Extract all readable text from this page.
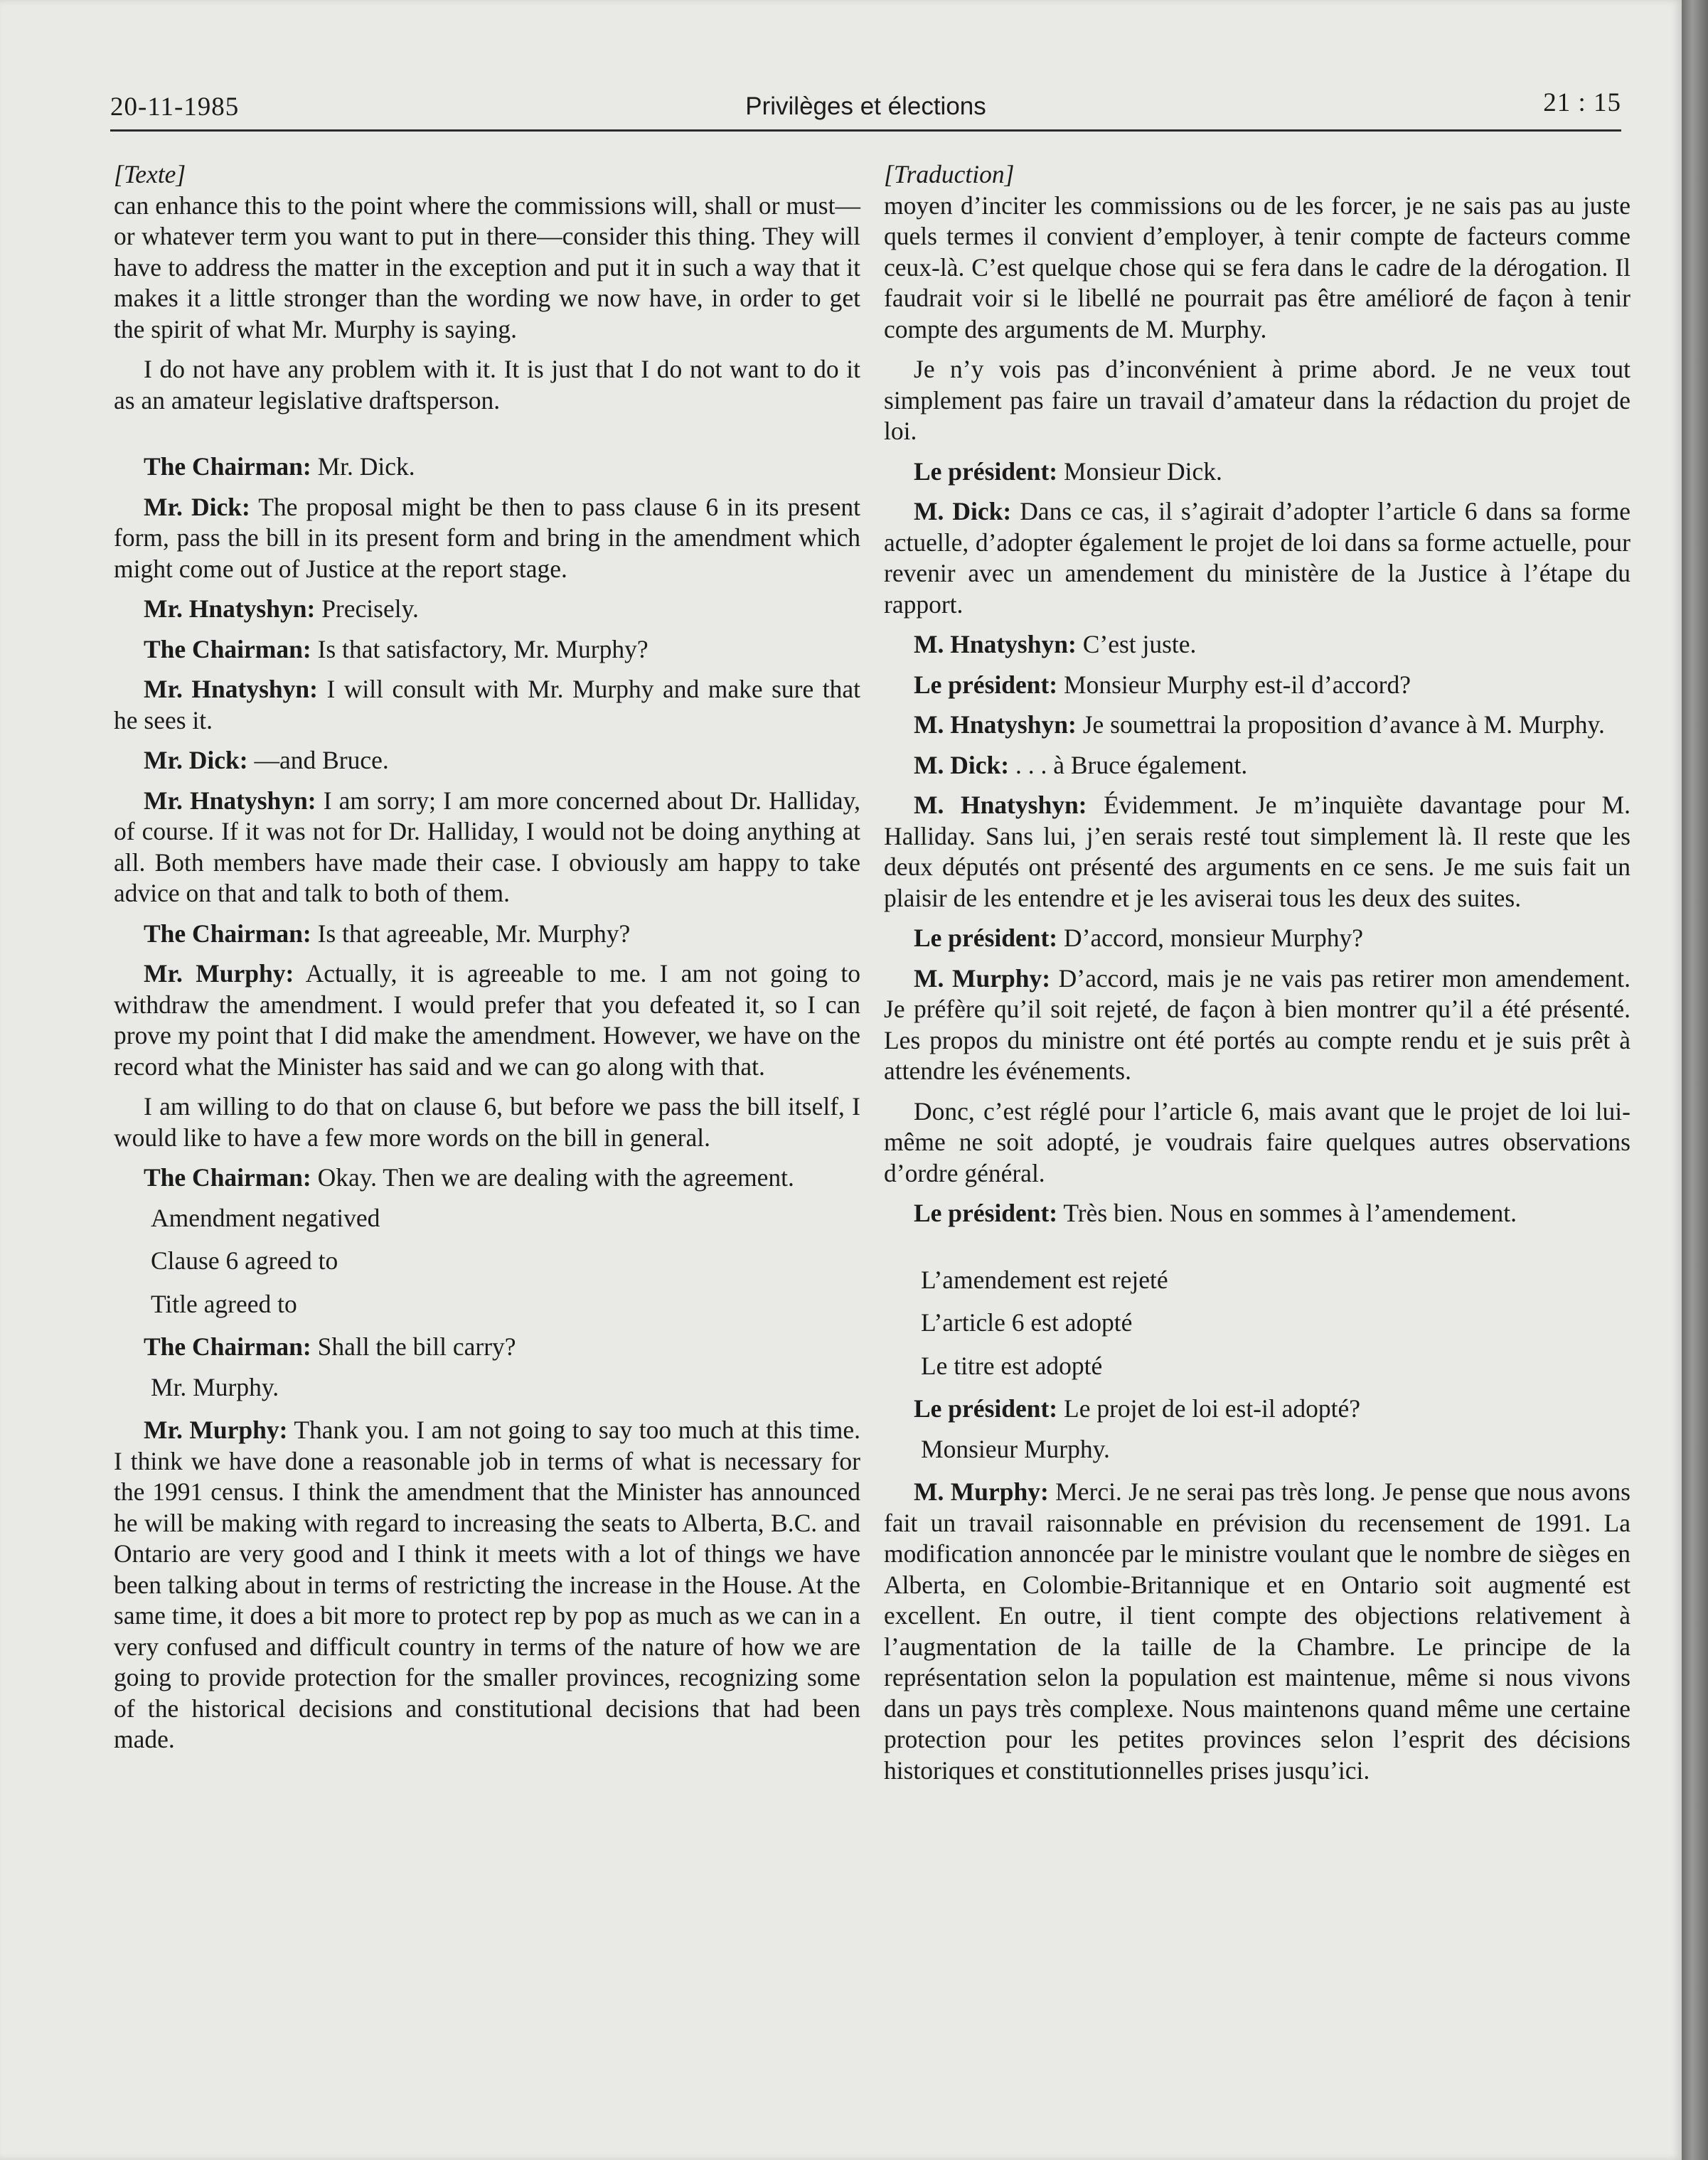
20-11-1985	Privilèges et élections	21 : 15

[Texte]

can enhance this to the point where the commissions will, shall or must—or whatever term you want to put in there—consider this thing. They will have to address the matter in the exception and put it in such a way that it makes it a little stronger than the wording we now have, in order to get the spirit of what Mr. Murphy is saying.

I do not have any problem with it. It is just that I do not want to do it as an amateur legislative draftsperson.

The Chairman: Mr. Dick.

Mr. Dick: The proposal might be then to pass clause 6 in its present form, pass the bill in its present form and bring in the amendment which might come out of Justice at the report stage.

Mr. Hnatyshyn: Precisely.

The Chairman: Is that satisfactory, Mr. Murphy?

Mr. Hnatyshyn: I will consult with Mr. Murphy and make sure that he sees it.

Mr. Dick: —and Bruce.

Mr. Hnatyshyn: I am sorry; I am more concerned about Dr. Halliday, of course. If it was not for Dr. Halliday, I would not be doing anything at all. Both members have made their case. I obviously am happy to take advice on that and talk to both of them.

The Chairman: Is that agreeable, Mr. Murphy?

Mr. Murphy: Actually, it is agreeable to me. I am not going to withdraw the amendment. I would prefer that you defeated it, so I can prove my point that I did make the amendment. However, we have on the record what the Minister has said and we can go along with that.

I am willing to do that on clause 6, but before we pass the bill itself, I would like to have a few more words on the bill in general.

The Chairman: Okay. Then we are dealing with the agreement.

Amendment negatived

Clause 6 agreed to

Title agreed to

The Chairman: Shall the bill carry?

Mr. Murphy.

Mr. Murphy: Thank you. I am not going to say too much at this time. I think we have done a reasonable job in terms of what is necessary for the 1991 census. I think the amendment that the Minister has announced he will be making with regard to increasing the seats to Alberta, B.C. and Ontario are very good and I think it meets with a lot of things we have been talking about in terms of restricting the increase in the House. At the same time, it does a bit more to protect rep by pop as much as we can in a very confused and difficult country in terms of the nature of how we are going to provide protection for the smaller provinces, recognizing some of the historical decisions and constitutional decisions that had been made.

[Traduction]

moyen d’inciter les commissions ou de les forcer, je ne sais pas au juste quels termes il convient d’employer, à tenir compte de facteurs comme ceux-là. C’est quelque chose qui se fera dans le cadre de la dérogation. Il faudrait voir si le libellé ne pourrait pas être amélioré de façon à tenir compte des arguments de M. Murphy.

Je n’y vois pas d’inconvénient à prime abord. Je ne veux tout simplement pas faire un travail d’amateur dans la rédaction du projet de loi.

Le président: Monsieur Dick.

M. Dick: Dans ce cas, il s’agirait d’adopter l’article 6 dans sa forme actuelle, d’adopter également le projet de loi dans sa forme actuelle, pour revenir avec un amendement du ministère de la Justice à l’étape du rapport.

M. Hnatyshyn: C’est juste.

Le président: Monsieur Murphy est-il d’accord?

M. Hnatyshyn: Je soumettrai la proposition d’avance à M. Murphy.

M. Dick: . . . à Bruce également.

M. Hnatyshyn: Évidemment. Je m’inquiète davantage pour M. Halliday. Sans lui, j’en serais resté tout simplement là. Il reste que les deux députés ont présenté des arguments en ce sens. Je me suis fait un plaisir de les entendre et je les aviserai tous les deux des suites.

Le président: D’accord, monsieur Murphy?

M. Murphy: D’accord, mais je ne vais pas retirer mon amendement. Je préfère qu’il soit rejeté, de façon à bien montrer qu’il a été présenté. Les propos du ministre ont été portés au compte rendu et je suis prêt à attendre les événements.

Donc, c’est réglé pour l’article 6, mais avant que le projet de loi lui-même ne soit adopté, je voudrais faire quelques autres observations d’ordre général.

Le président: Très bien. Nous en sommes à l’amendement.

L’amendement est rejeté

L’article 6 est adopté

Le titre est adopté

Le président: Le projet de loi est-il adopté?

Monsieur Murphy.

M. Murphy: Merci. Je ne serai pas très long. Je pense que nous avons fait un travail raisonnable en prévision du recensement de 1991. La modification annoncée par le ministre voulant que le nombre de sièges en Alberta, en Colombie-Britannique et en Ontario soit augmenté est excellent. En outre, il tient compte des objections relativement à l’augmentation de la taille de la Chambre. Le principe de la représentation selon la population est maintenue, même si nous vivons dans un pays très complexe. Nous maintenons quand même une certaine protection pour les petites provinces selon l’esprit des décisions historiques et constitutionnelles prises jusqu’ici.
